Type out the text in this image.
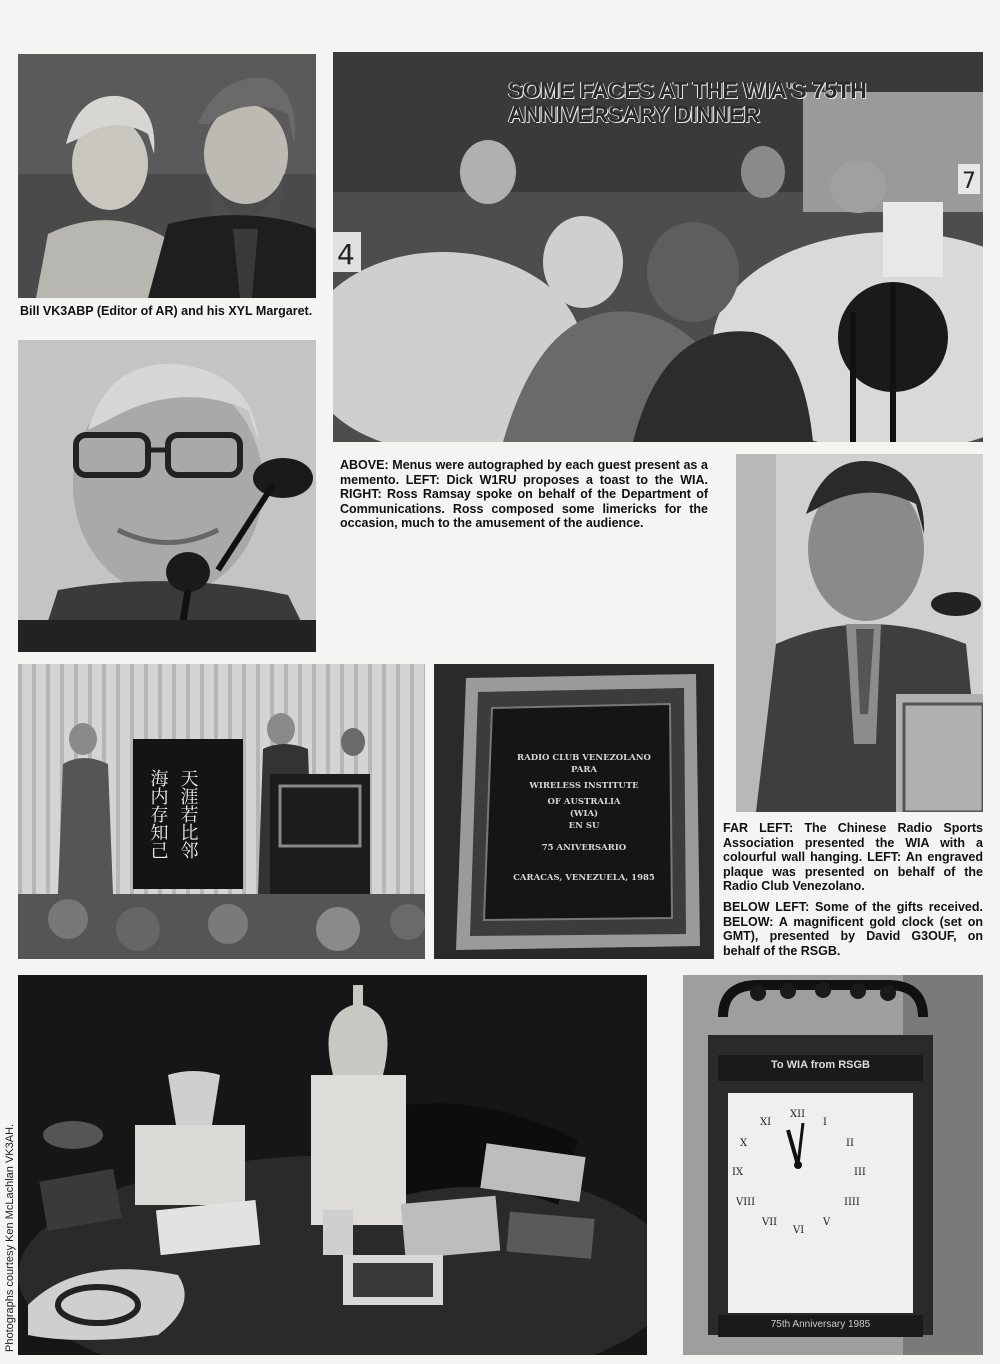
Bill VK3ABP (Editor of AR) and his XYL Margaret.

4
7
SOME FACES AT THE WIA'S 75TH
ANNIVERSARY DINNER

ABOVE: Menus were autographed by each guest present as a memento. LEFT: Dick W1RU proposes a toast to the WIA. RIGHT: Ross Ramsay spoke on behalf of the Department of Communications. Ross composed some limericks for the occasion, much to the amusement of the audience.

海内存知己 天涯若比邻
RADIO CLUB VENEZOLANO
PARA
WIRELESS INSTITUTE
OF AUSTRALIA
(WIA)
EN SU
75 ANIVERSARIO
CARACAS, VENEZUELA, 1985

FAR LEFT: The Chinese Radio Sports Association presented the WIA with a colourful wall hanging. LEFT: An engraved plaque was presented on behalf of the Radio Club Venezolano.

BELOW LEFT: Some of the gifts received. BELOW: A magnificent gold clock (set on GMT), presented by David G3OUF, on behalf of the RSGB.

To WIA from RSGB
75th Anniversary 1985
XII
I
II
III
IIII
V
VI
VII
VIII
IX
X
XI
Photographs courtesy Ken McLachlan VK3AH.
